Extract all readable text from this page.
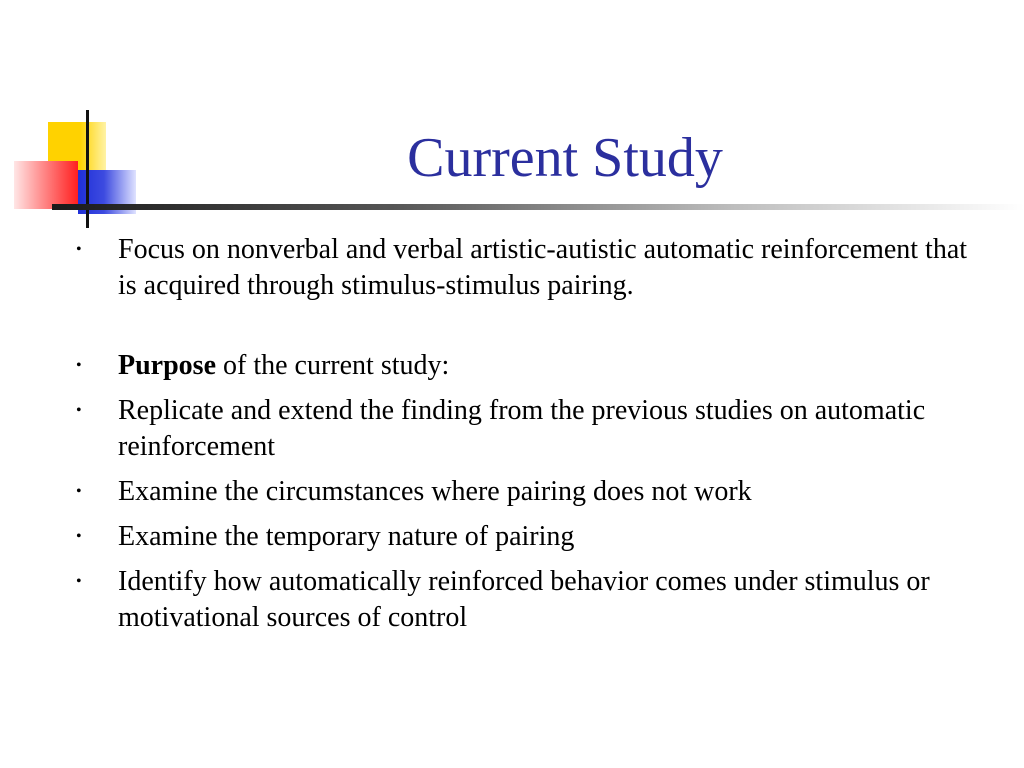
Current Study
• Focus on nonverbal and verbal artistic-autistic automatic reinforcement that is acquired through stimulus-stimulus pairing.
• Purpose of the current study:
• Replicate and extend the finding from the previous studies on automatic reinforcement
• Examine the circumstances where pairing does not work
• Examine the temporary nature of pairing
• Identify how automatically reinforced behavior comes under stimulus or motivational sources of control
